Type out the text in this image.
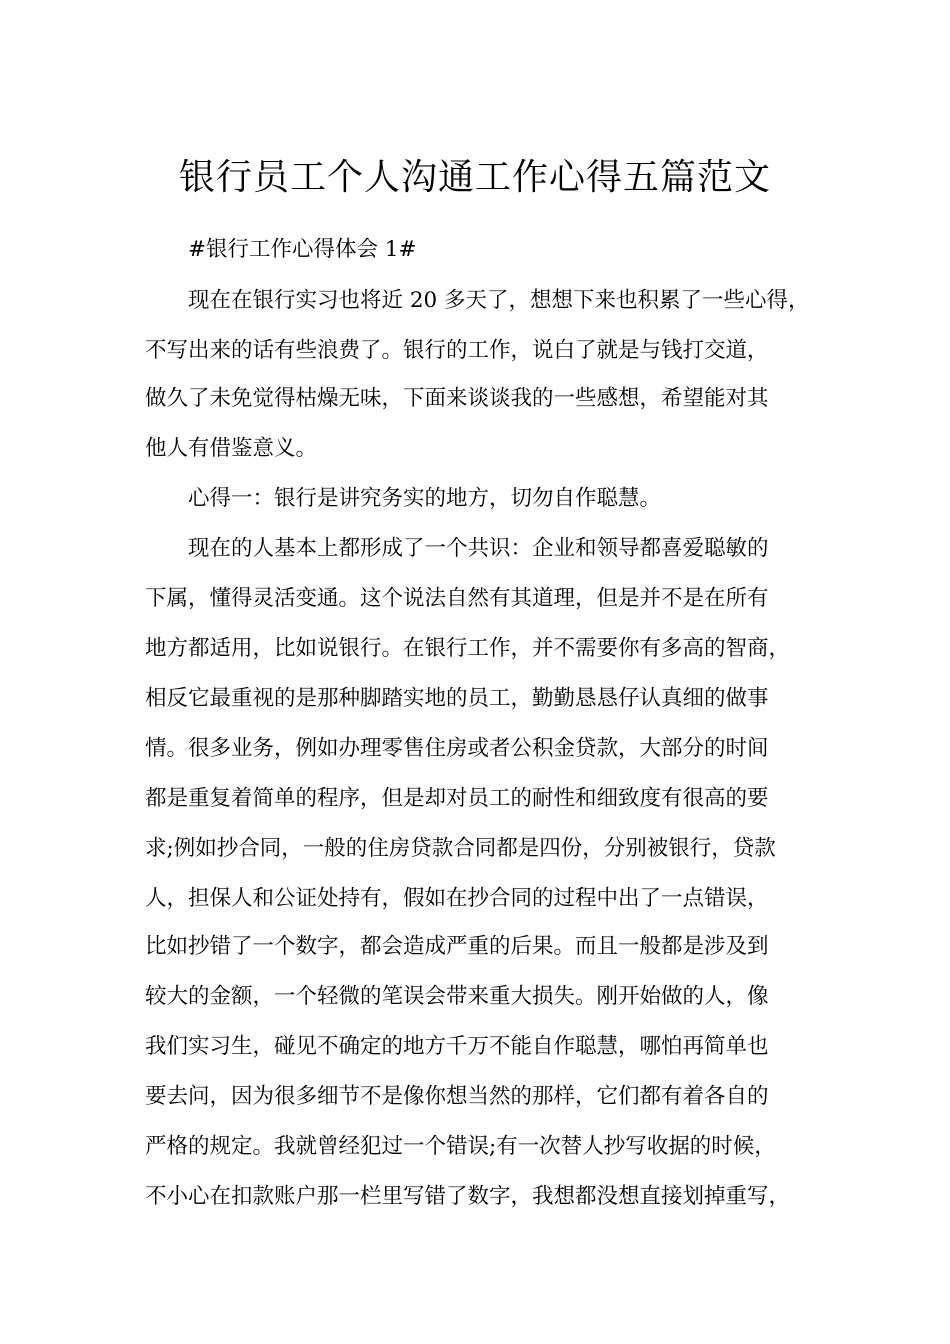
银行员工个人沟通工作心得五篇范文
#银行工作心得体会 1#
现在在银行实习也将近 20 多天了，想想下来也积累了一些心得，
不写出来的话有些浪费了。银行的工作，说白了就是与钱打交道，
做久了未免觉得枯燥无味，下面来谈谈我的一些感想，希望能对其
他人有借鉴意义。
心得一：银行是讲究务实的地方，切勿自作聪慧。
现在的人基本上都形成了一个共识：企业和领导都喜爱聪敏的
下属，懂得灵活变通。这个说法自然有其道理，但是并不是在所有
地方都适用，比如说银行。在银行工作，并不需要你有多高的智商，
相反它最重视的是那种脚踏实地的员工，勤勤恳恳仔认真细的做事
情。很多业务，例如办理零售住房或者公积金贷款，大部分的时间
都是重复着简单的程序，但是却对员工的耐性和细致度有很高的要
求;例如抄合同，一般的住房贷款合同都是四份，分别被银行，贷款
人，担保人和公证处持有，假如在抄合同的过程中出了一点错误，
比如抄错了一个数字，都会造成严重的后果。而且一般都是涉及到
较大的金额，一个轻微的笔误会带来重大损失。刚开始做的人，像
我们实习生，碰见不确定的地方千万不能自作聪慧，哪怕再简单也
要去问，因为很多细节不是像你想当然的那样，它们都有着各自的
严格的规定。我就曾经犯过一个错误;有一次替人抄写收据的时候，
不小心在扣款账户那一栏里写错了数字，我想都没想直接划掉重写，
